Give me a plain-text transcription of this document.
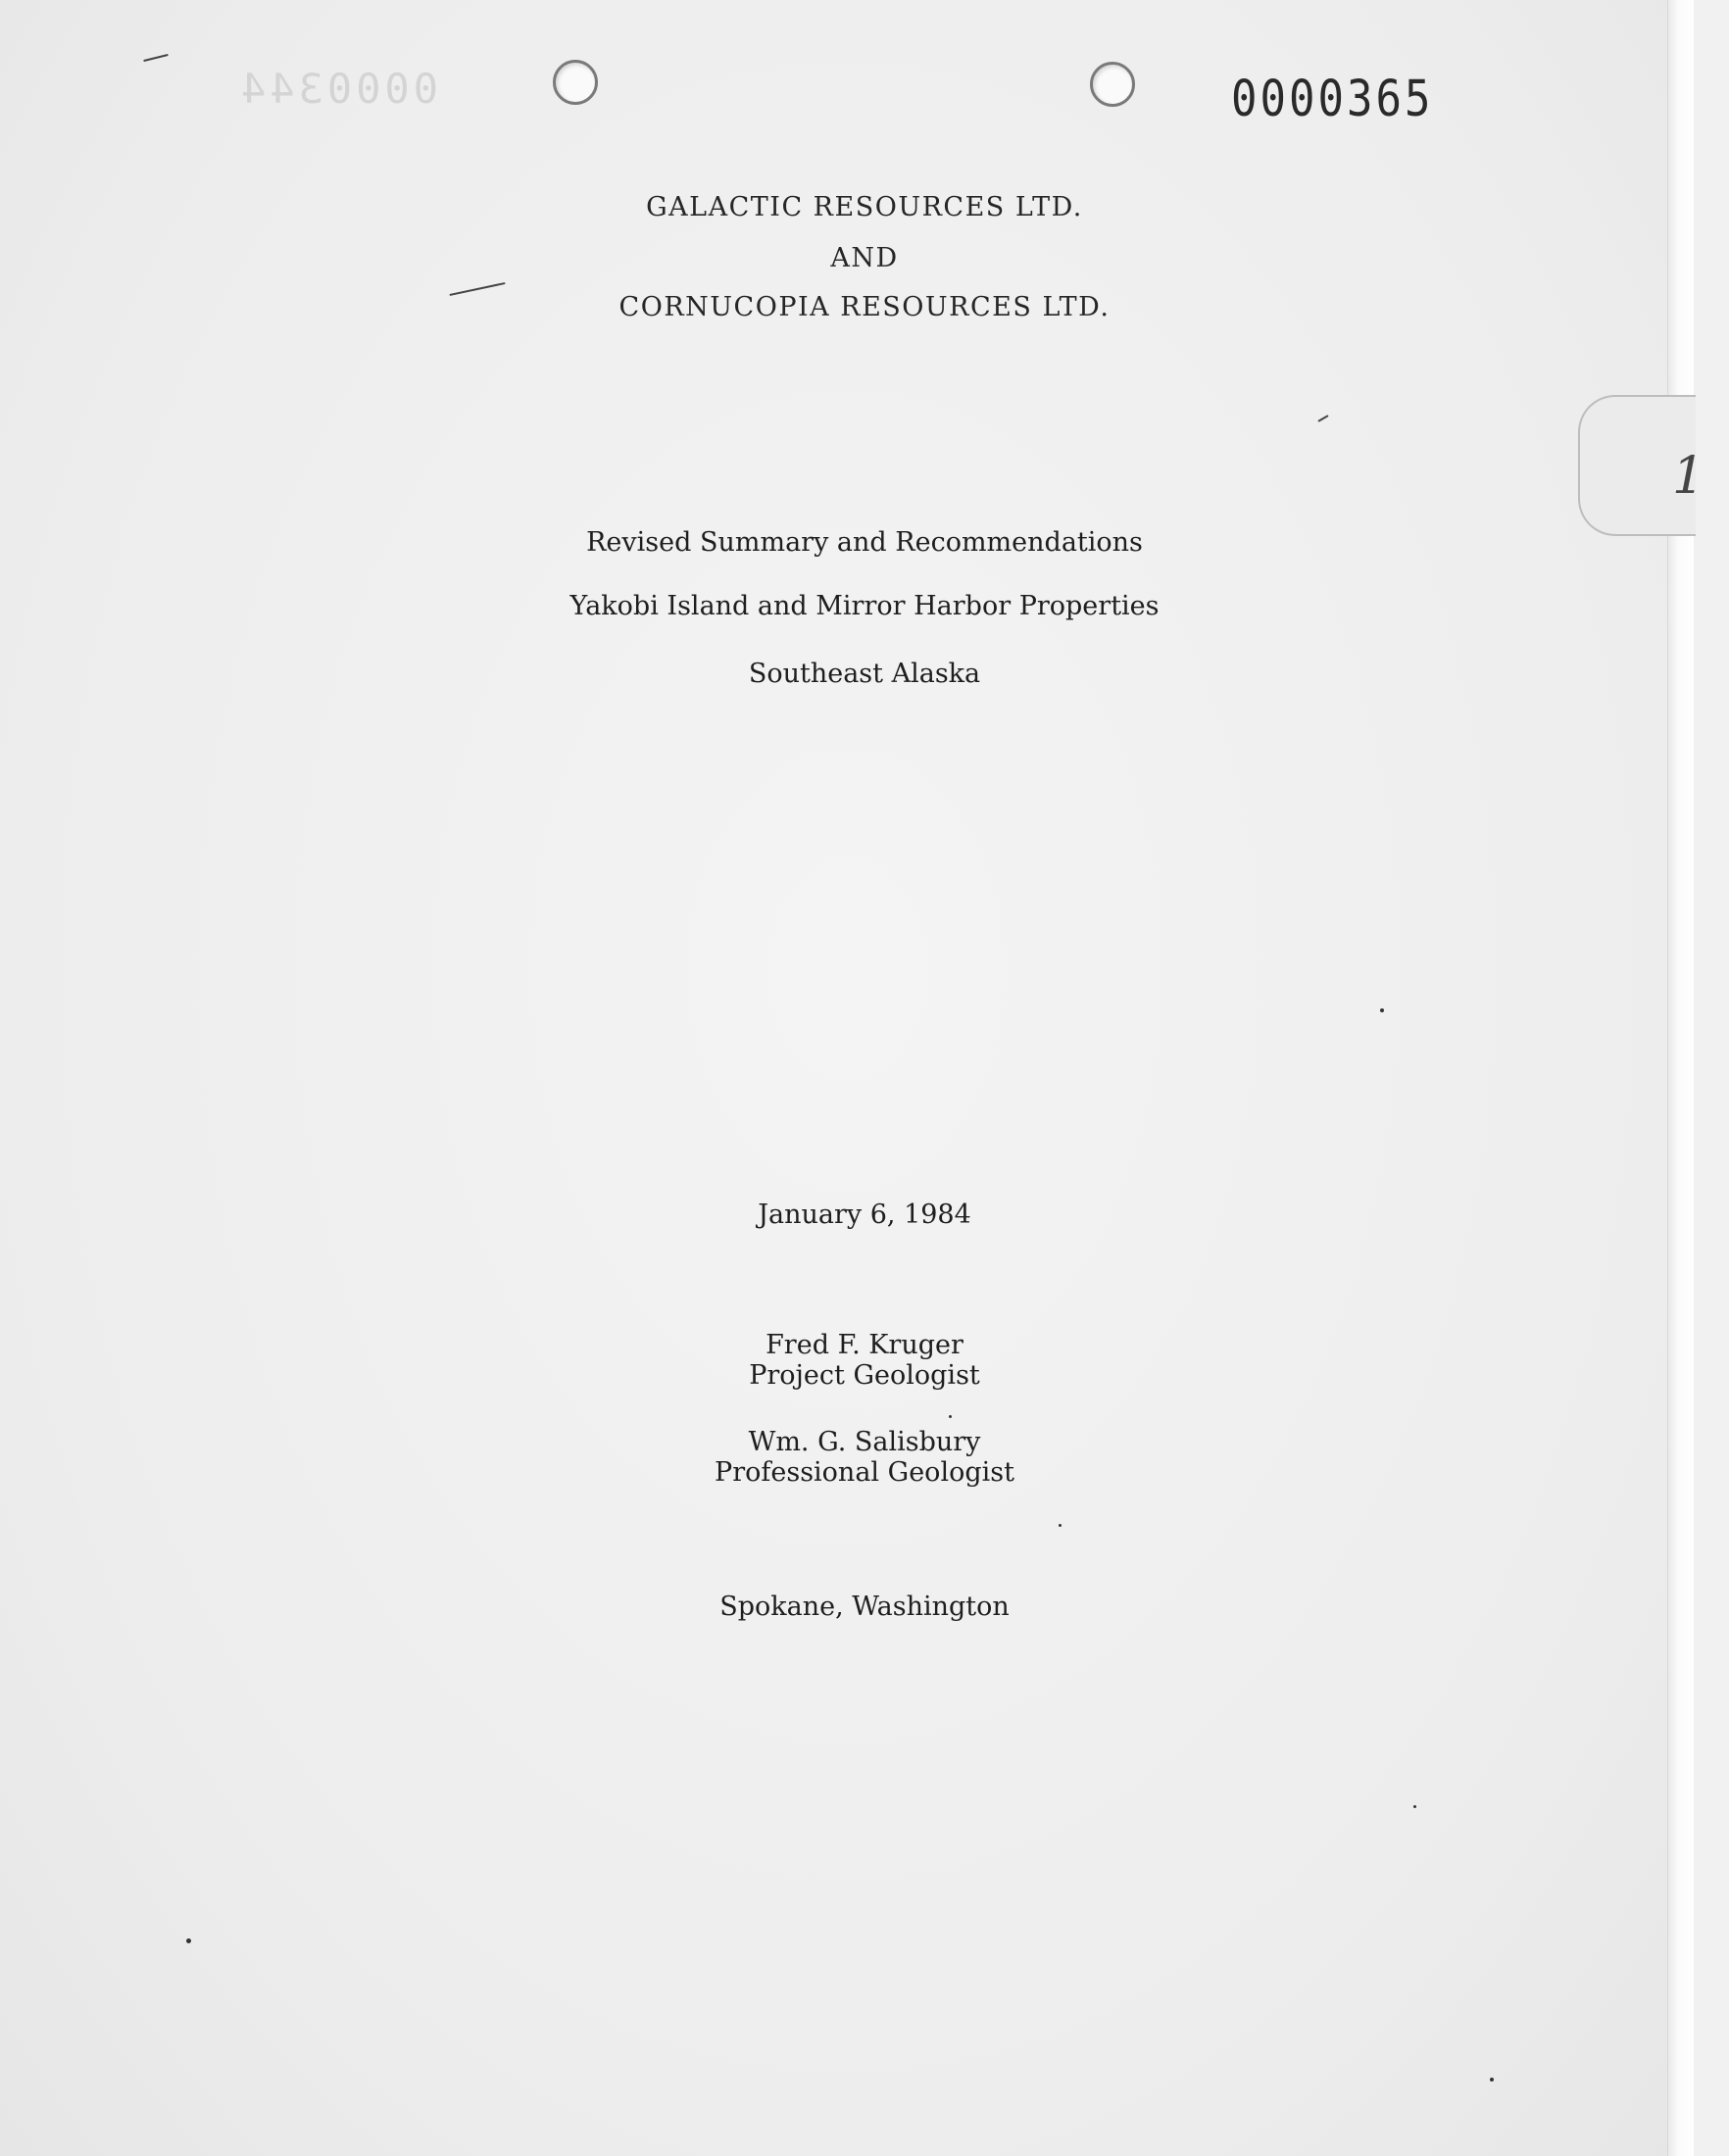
0000344	0000365
1
GALACTIC RESOURCES LTD.
AND
CORNUCOPIA RESOURCES LTD.
Revised Summary and Recommendations
Yakobi Island and Mirror Harbor Properties
Southeast Alaska
January 6, 1984
Fred F. Kruger
Project Geologist
Wm. G. Salisbury
Professional Geologist
Spokane, Washington
